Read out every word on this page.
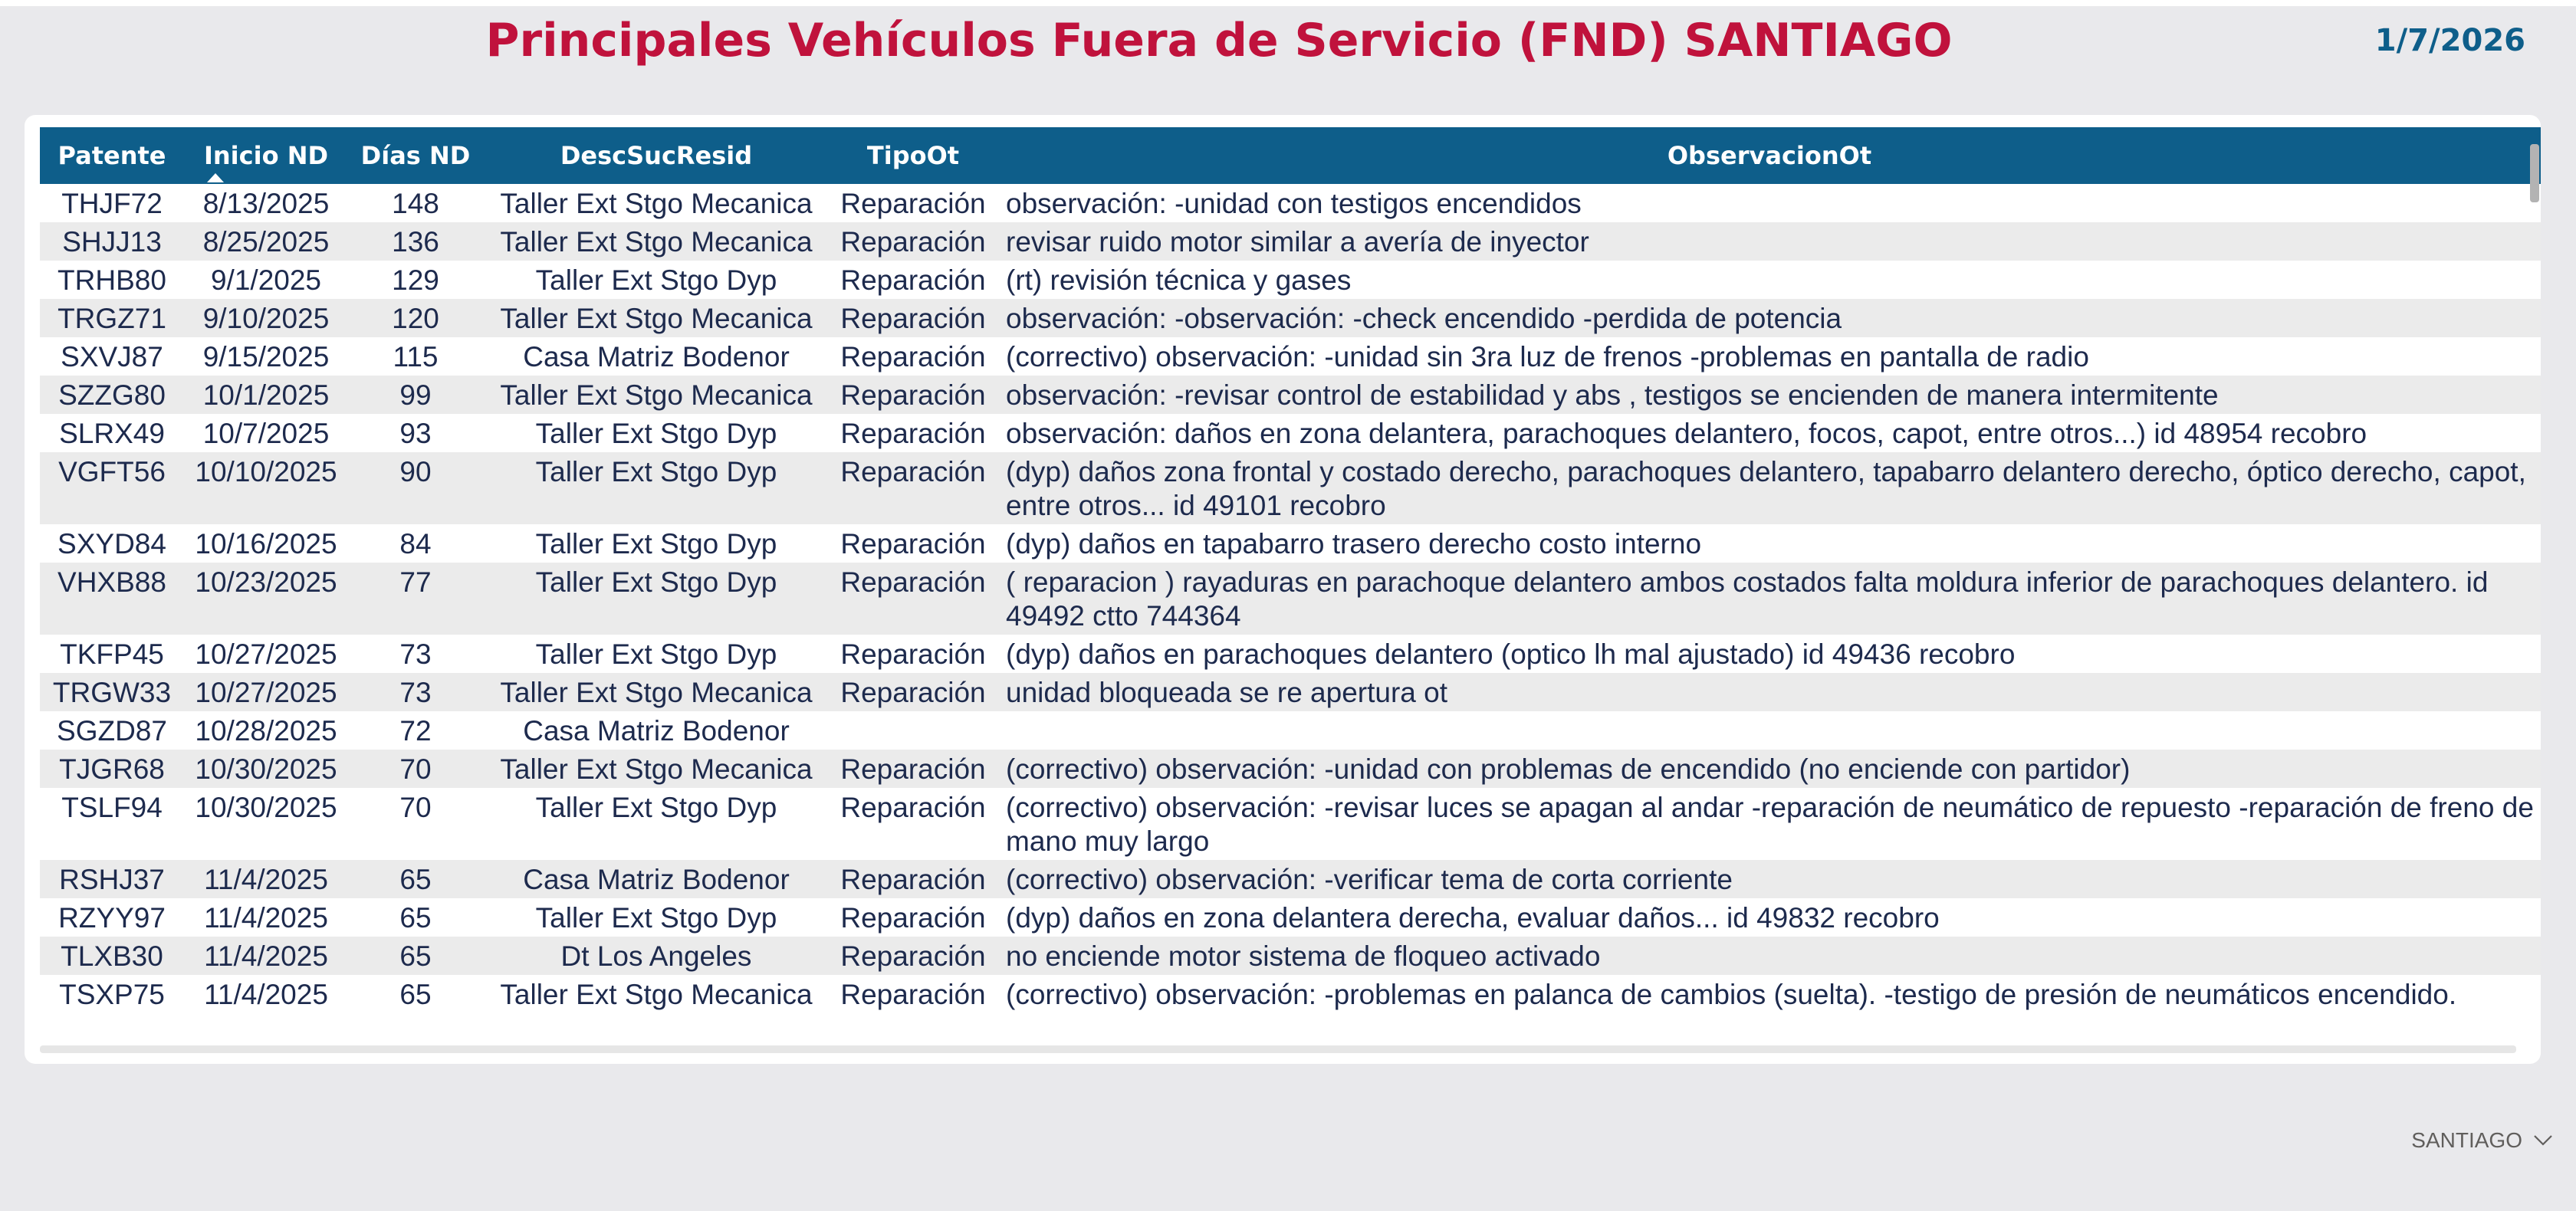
Principales Vehículos Fuera de Servicio (FND) SANTIAGO	1/7/2026
Patente	Inicio ND	Días ND	DescSucResid	TipoOt	ObservacionOt
THJF72	8/13/2025	148	Taller Ext Stgo Mecanica	Reparación	observación: -unidad con testigos encendidos
SHJJ13	8/25/2025	136	Taller Ext Stgo Mecanica	Reparación	revisar ruido motor similar a avería de inyector
TRHB80	9/1/2025	129	Taller Ext Stgo Dyp	Reparación	(rt) revisión técnica y gases
TRGZ71	9/10/2025	120	Taller Ext Stgo Mecanica	Reparación	observación: -observación: -check encendido -perdida de potencia
SXVJ87	9/15/2025	115	Casa Matriz Bodenor	Reparación	(correctivo) observación: -unidad sin 3ra luz de frenos -problemas en pantalla de radio
SZZG80	10/1/2025	99	Taller Ext Stgo Mecanica	Reparación	observación: -revisar control de estabilidad y abs , testigos se encienden de manera intermitente
SLRX49	10/7/2025	93	Taller Ext Stgo Dyp	Reparación	observación: daños en zona delantera, parachoques delantero, focos, capot, entre otros...) id 48954 recobro
VGFT56	10/10/2025	90	Taller Ext Stgo Dyp	Reparación	(dyp) daños zona frontal y costado derecho, parachoques delantero, tapabarro delantero derecho, óptico derecho, capot, entre otros... id 49101 recobro
SXYD84	10/16/2025	84	Taller Ext Stgo Dyp	Reparación	(dyp) daños en tapabarro trasero derecho costo interno
VHXB88	10/23/2025	77	Taller Ext Stgo Dyp	Reparación	( reparacion ) rayaduras en parachoque delantero ambos costados falta moldura inferior de parachoques delantero. id 49492 ctto 744364
TKFP45	10/27/2025	73	Taller Ext Stgo Dyp	Reparación	(dyp) daños en parachoques delantero (optico lh mal ajustado) id 49436 recobro
TRGW33	10/27/2025	73	Taller Ext Stgo Mecanica	Reparación	unidad bloqueada se re apertura ot
SGZD87	10/28/2025	72	Casa Matriz Bodenor		
TJGR68	10/30/2025	70	Taller Ext Stgo Mecanica	Reparación	(correctivo) observación: -unidad con problemas de encendido (no enciende con partidor)
TSLF94	10/30/2025	70	Taller Ext Stgo Dyp	Reparación	(correctivo) observación: -revisar luces se apagan al andar -reparación de neumático de repuesto -reparación de freno de mano muy largo
RSHJ37	11/4/2025	65	Casa Matriz Bodenor	Reparación	(correctivo) observación: -verificar tema de corta corriente
RZYY97	11/4/2025	65	Taller Ext Stgo Dyp	Reparación	(dyp) daños en zona delantera derecha, evaluar daños... id 49832 recobro
TLXB30	11/4/2025	65	Dt Los Angeles	Reparación	no enciende motor sistema de floqueo activado
TSXP75	11/4/2025	65	Taller Ext Stgo Mecanica	Reparación	(correctivo) observación: -problemas en palanca de cambios (suelta). -testigo de presión de neumáticos encendido.
SANTIAGO
